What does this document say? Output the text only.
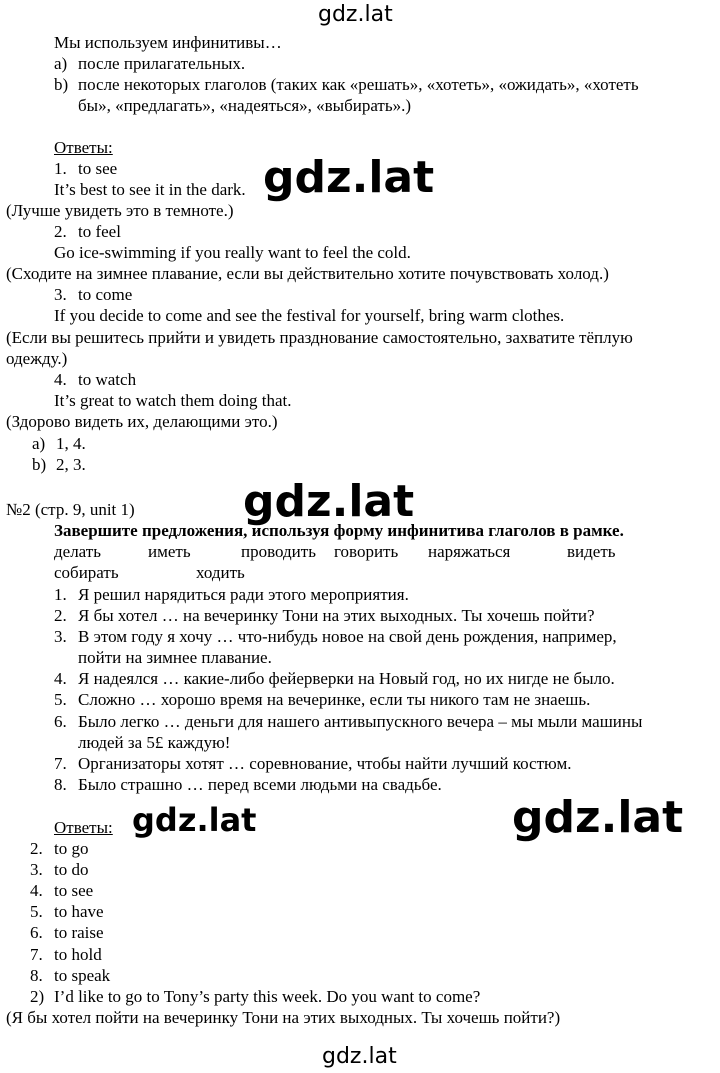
gdz.lat
gdz.lat
gdz.lat
gdz.lat	gdz.lat
gdz.lat
Мы используем инфинитивы…
a) после прилагательных.
b) после некоторых глаголов (таких как «решать», «хотеть», «ожидать», «хотеть
бы», «предлагать», «надеяться», «выбирать».)
Ответы:
1. to see
It’s best to see it in the dark.
(Лучше увидеть это в темноте.)
2. to feel
Go ice-swimming if you really want to feel the cold.
(Сходите на зимнее плавание, если вы действительно хотите почувствовать холод.)
3. to come
If you decide to come and see the festival for yourself, bring warm clothes.
(Если вы решитесь прийти и увидеть празднование самостоятельно, захватите тёплую
одежду.)
4. to watch
It’s great to watch them doing that.
(Здорово видеть их, делающими это.)
a) 1, 4.
b) 2, 3.
№2 (стр. 9, unit 1)
Завершите предложения, используя форму инфинитива глаголов в рамке.
делать	иметь	проводить говорить наряжаться	видеть
собирать	ходить
1. Я решил нарядиться ради этого мероприятия.
2. Я бы хотел … на вечеринку Тони на этих выходных. Ты хочешь пойти?
3. В этом году я хочу … что-нибудь новое на свой день рождения, например,
пойти на зимнее плавание.
4. Я надеялся … какие-либо фейерверки на Новый год, но их нигде не было.
5. Сложно … хорошо время на вечеринке, если ты никого там не знаешь.
6. Было легко … деньги для нашего антивыпускного вечера – мы мыли машины
людей за 5£ каждую!
7. Организаторы хотят … соревнование, чтобы найти лучший костюм.
8. Было страшно … перед всеми людьми на свадьбе.
Ответы:
2. to go
3. to do
4. to see
5. to have
6. to raise
7. to hold
8. to speak
2) I’d like to go to Tony’s party this week. Do you want to come?
(Я бы хотел пойти на вечеринку Тони на этих выходных. Ты хочешь пойти?)
